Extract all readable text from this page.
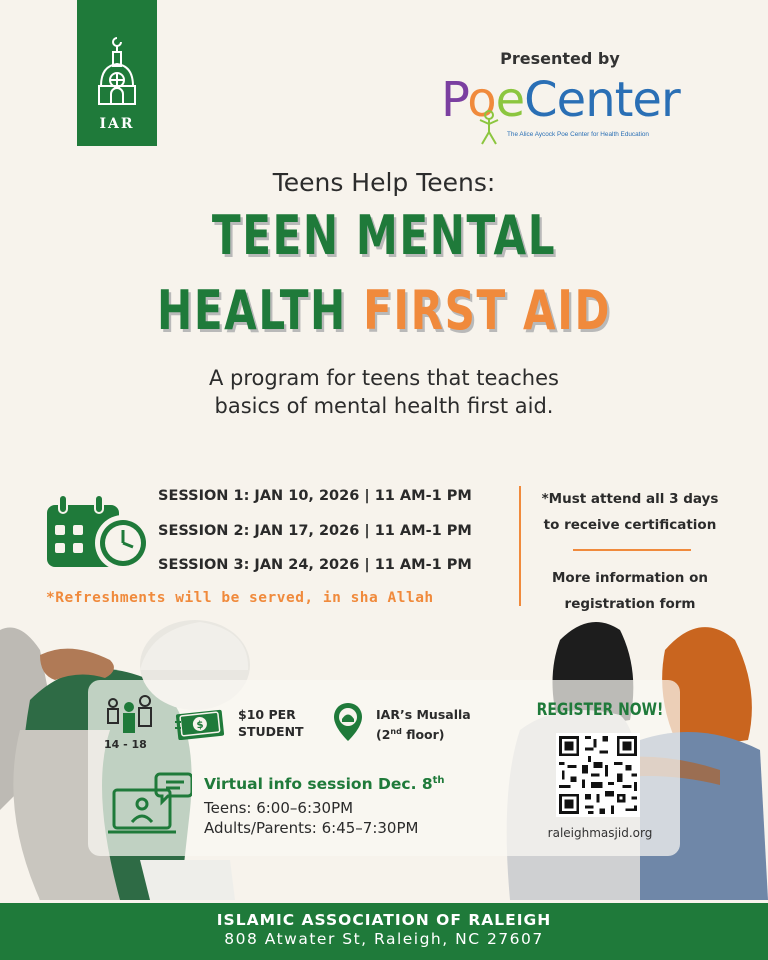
IAR
Presented by
PoeCenter
The Alice Aycock Poe Center for Health Education
Teens Help Teens:
TEEN MENTAL
HEALTH FIRST AID
A program for teens that teaches
basics of mental health first aid.
SESSION 1: JAN 10, 2026 | 11 AM-1 PM
SESSION 2: JAN 17, 2026 | 11 AM-1 PM
SESSION 3: JAN 24, 2026 | 11 AM-1 PM
*Refreshments will be served, in sha Allah
*Must attend all 3 days
to receive certification
More information on
registration form
14 - 18
$
$10 PER
STUDENT
IAR’s Musalla
(2nd floor)
Virtual info session Dec. 8th
Teens: 6:00–6:30PM
Adults/Parents: 6:45–7:30PM
REGISTER NOW!
raleighmasjid.org
ISLAMIC ASSOCIATION OF RALEIGH
808 Atwater St, Raleigh, NC 27607
